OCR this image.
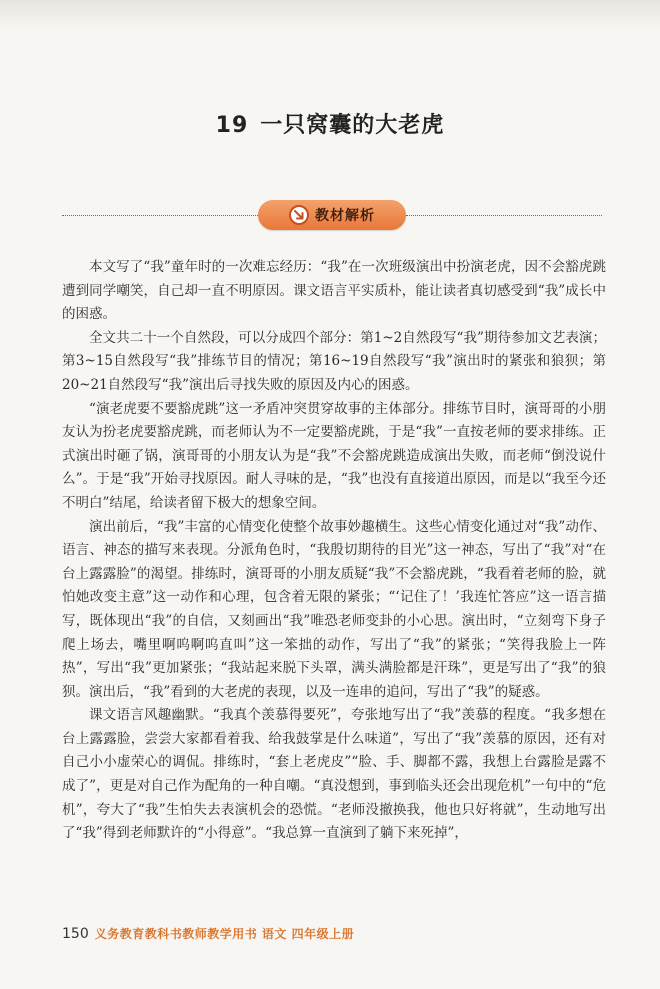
19 一只窝囊的大老虎
教材解析

本文写了“我”童年时的一次难忘经历：“我”在一次班级演出中扮演老虎，因不会豁虎跳遭到同学嘲笑，自己却一直不明原因。课文语言平实质朴，能让读者真切感受到“我”成长中的困惑。

全文共二十一个自然段，可以分成四个部分：第1~2自然段写“我”期待参加文艺表演；第3~15自然段写“我”排练节目的情况；第16~19自然段写“我”演出时的紧张和狼狈；第20~21自然段写“我”演出后寻找失败的原因及内心的困惑。

“演老虎要不要豁虎跳”这一矛盾冲突贯穿故事的主体部分。排练节目时，演哥哥的小朋友认为扮老虎要豁虎跳，而老师认为不一定要豁虎跳，于是“我”一直按老师的要求排练。正式演出时砸了锅，演哥哥的小朋友认为是“我”不会豁虎跳造成演出失败，而老师“倒没说什么”。于是“我”开始寻找原因。耐人寻味的是，“我”也没有直接道出原因，而是以“我至今还不明白”结尾，给读者留下极大的想象空间。

演出前后，“我”丰富的心情变化使整个故事妙趣横生。这些心情变化通过对“我”动作、语言、神态的描写来表现。分派角色时，“我殷切期待的目光”这一神态，写出了“我”对“在台上露露脸”的渴望。排练时，演哥哥的小朋友质疑“我”不会豁虎跳，“我看着老师的脸，就怕她改变主意”这一动作和心理，包含着无限的紧张；“‘记住了！’我连忙答应”这一语言描写，既体现出“我”的自信，又刻画出“我”唯恐老师变卦的小心思。演出时，“立刻弯下身子爬上场去，嘴里啊呜啊呜直叫”这一笨拙的动作，写出了“我”的紧张；“笑得我脸上一阵热”，写出“我”更加紧张；“我站起来脱下头罩，满头满脸都是汗珠”，更是写出了“我”的狼狈。演出后，“我”看到的大老虎的表现，以及一连串的追问，写出了“我”的疑惑。

课文语言风趣幽默。“我真个羡慕得要死”，夸张地写出了“我”羡慕的程度。“我多想在台上露露脸，尝尝大家都看着我、给我鼓掌是什么味道”，写出了“我”羡慕的原因，还有对自己小小虚荣心的调侃。排练时，“套上老虎皮”“脸、手、脚都不露，我想上台露脸是露不成了”，更是对自己作为配角的一种自嘲。“真没想到，事到临头还会出现危机”一句中的“危机”，夸大了“我”生怕失去表演机会的恐慌。“老师没撤换我，他也只好将就”，生动地写出了“我”得到老师默许的“小得意”。“我总算一直演到了躺下来死掉”，

150 义务教育教科书教师教学用书 语文 四年级上册
